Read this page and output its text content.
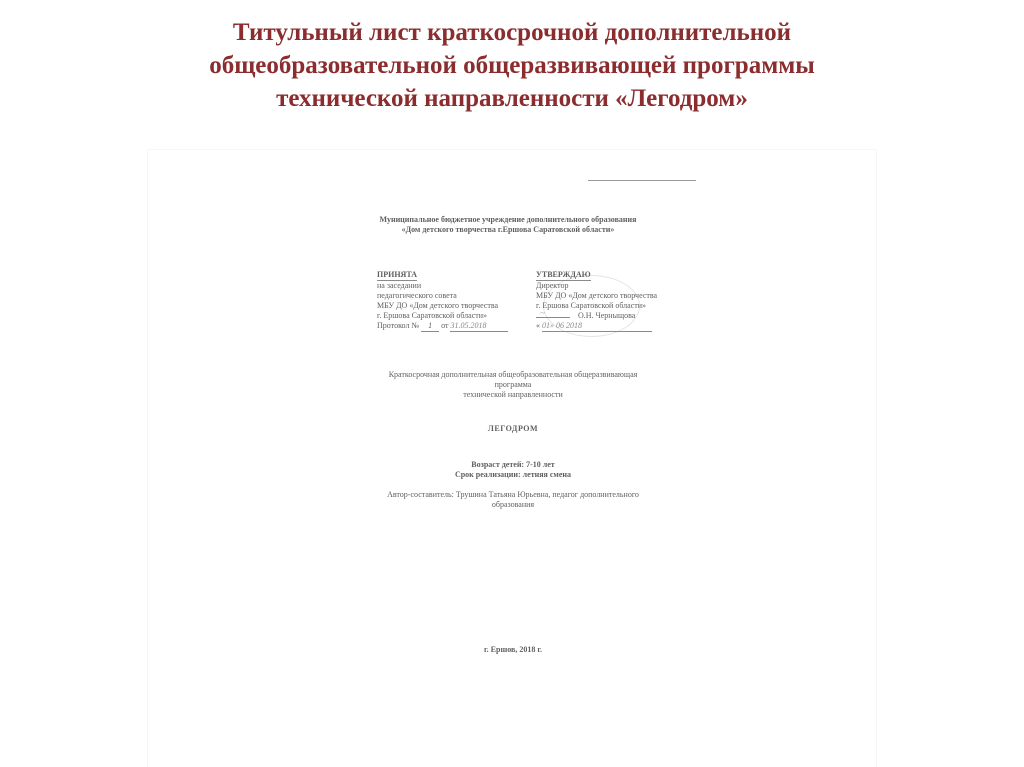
Титульный лист краткосрочной дополнительной
общеобразовательной общеразвивающей программы
технической направленности «Легодром»
Муниципальное бюджетное учреждение дополнительного образования
«Дом детского творчества г.Ершова Саратовской области»
ПРИНЯТА
на заседании
педагогического совета
МБУ ДО «Дом детского творчества
г. Ершова Саратовской области»
Протокол № 1 от 31.05.2018
УТВЕРЖДАЮ
Директор
МБУ ДО «Дом детского творчества
г. Ершова Саратовской области»

~	О.Н. Черныщова
« 01» 06 2018
Краткосрочная дополнительная общеобразовательная общеразвивающая
программа
технической направленности
ЛЕГОДРОМ
Возраст детей: 7-10 лет
Срок реализации: летняя смена
Автор-составитель: Трушина Татьяна Юрьевна, педагог дополнительного
образования
г. Ершов, 2018 г.
